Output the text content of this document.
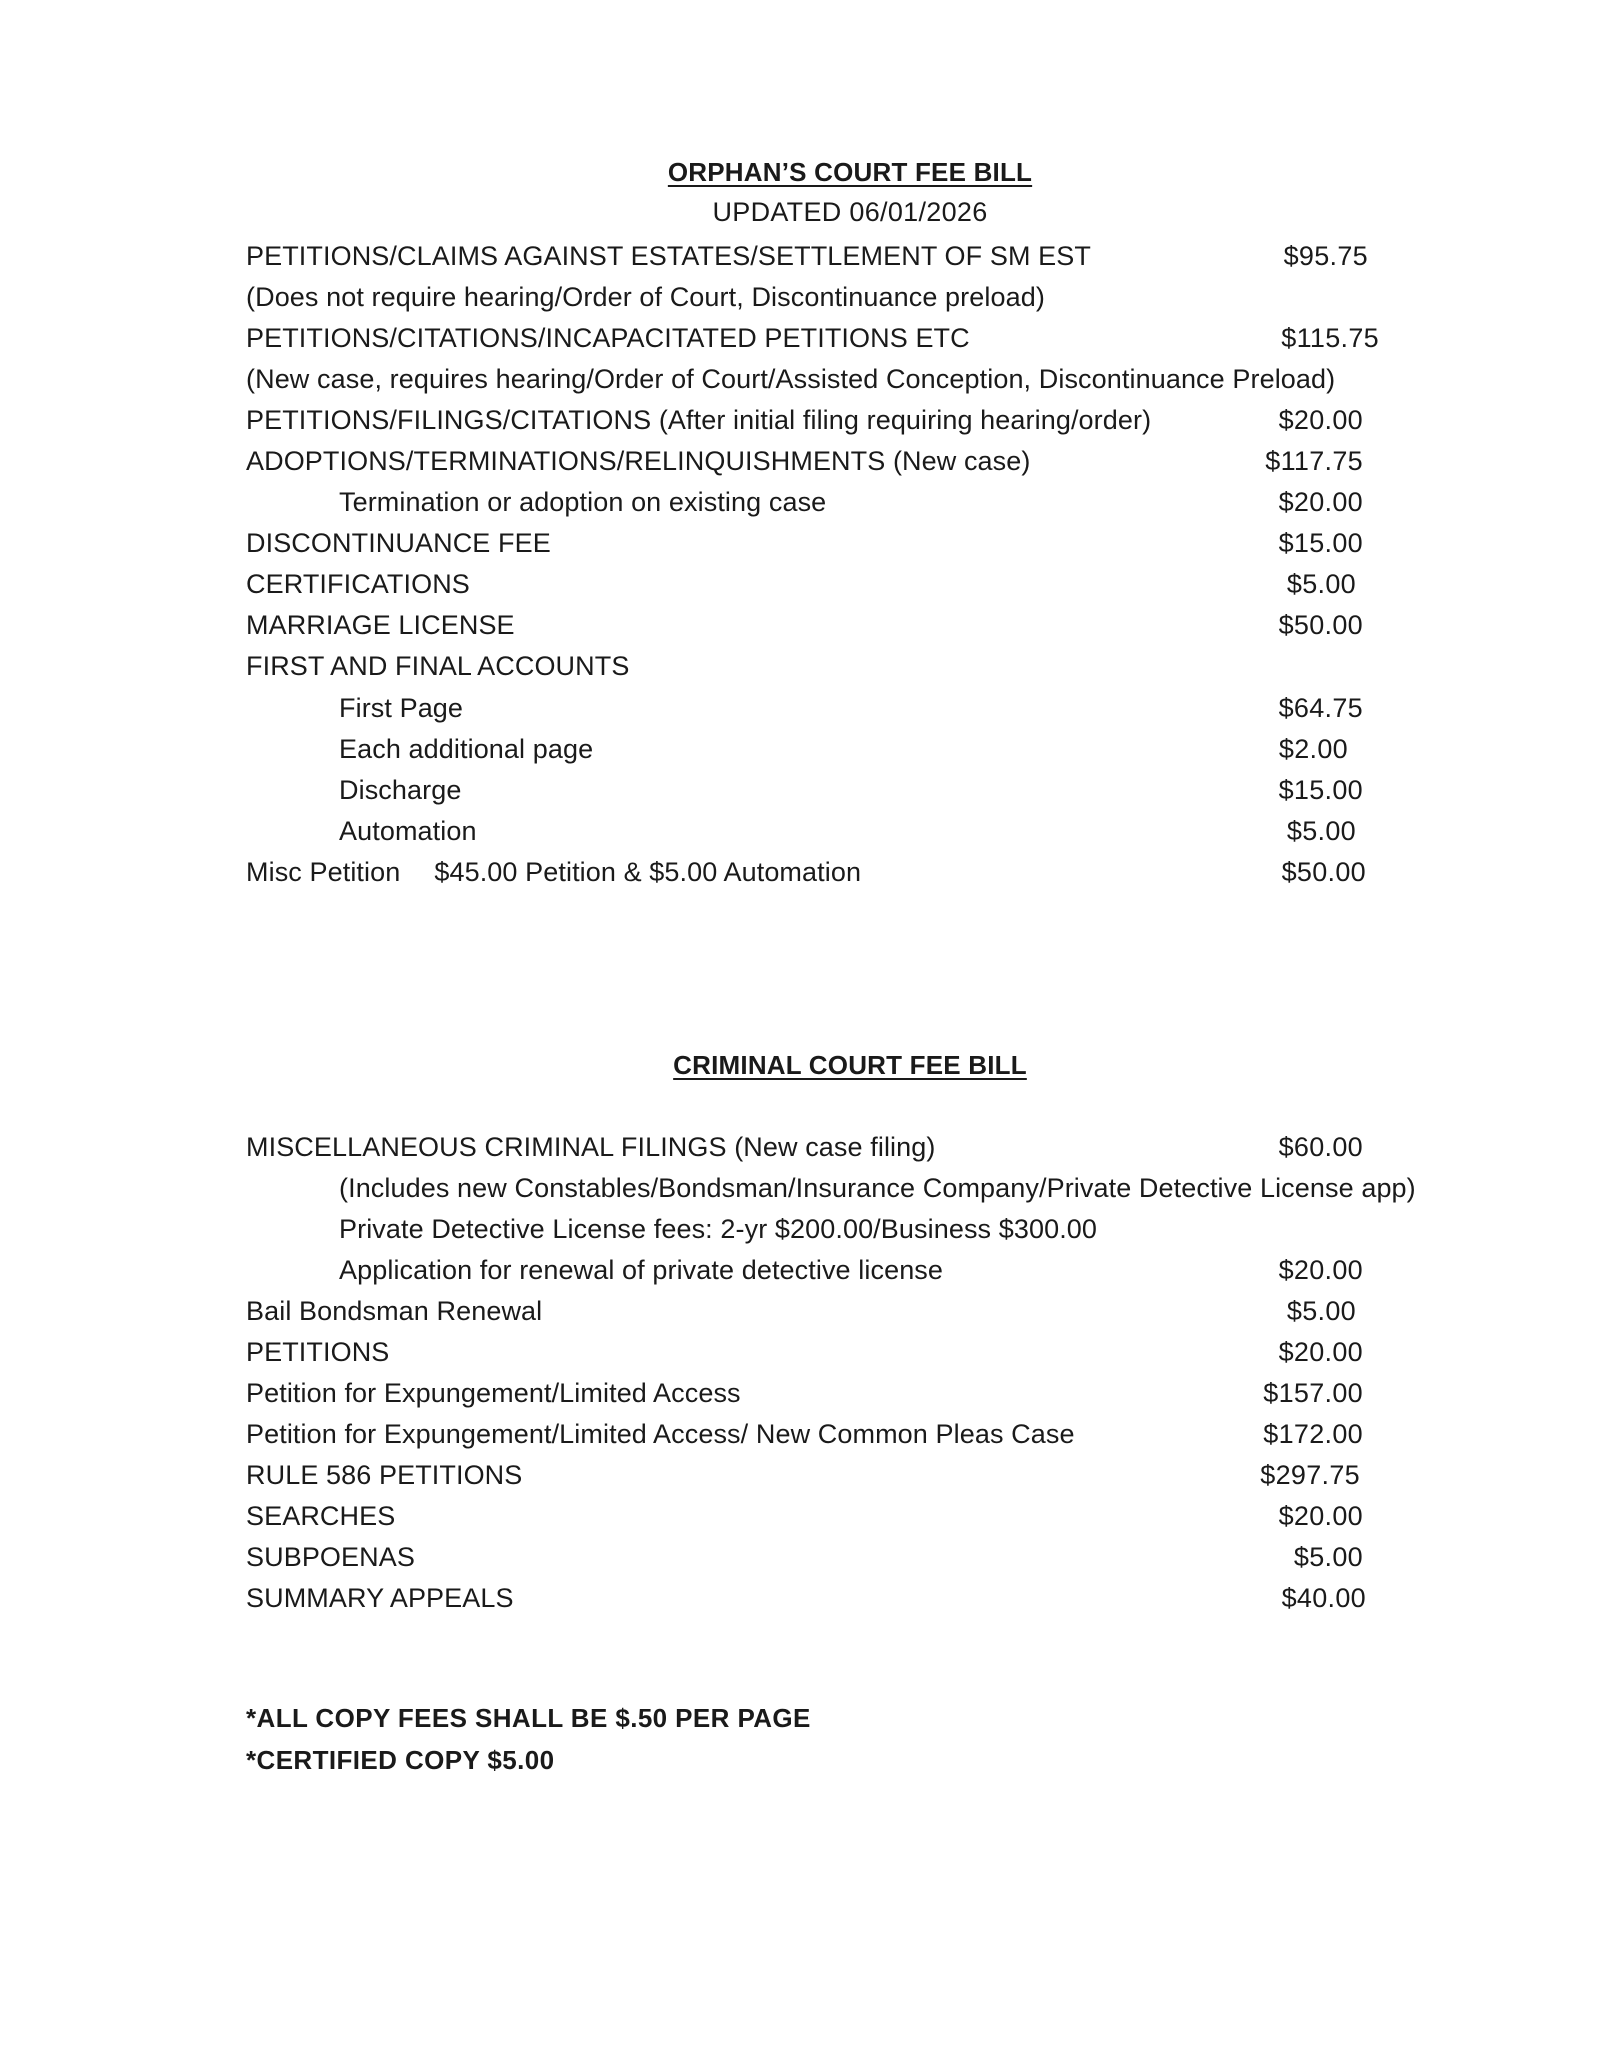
ORPHAN’S COURT FEE BILL
UPDATED 06/01/2026
PETITIONS/CLAIMS AGAINST ESTATES/SETTLEMENT OF SM EST	$95.75
(Does not require hearing/Order of Court, Discontinuance preload)
PETITIONS/CITATIONS/INCAPACITATED PETITIONS ETC	$115.75
(New case, requires hearing/Order of Court/Assisted Conception, Discontinuance Preload)
PETITIONS/FILINGS/CITATIONS (After initial filing requiring hearing/order)	$20.00
ADOPTIONS/TERMINATIONS/RELINQUISHMENTS (New case)	$117.75
Termination or adoption on existing case	$20.00
DISCONTINUANCE FEE	$15.00
CERTIFICATIONS	$5.00
MARRIAGE LICENSE	$50.00
FIRST AND FINAL ACCOUNTS
First Page	$64.75
Each additional page	$2.00
Discharge	$15.00
Automation	$5.00
Misc Petition $45.00 Petition & $5.00 Automation	$50.00
CRIMINAL COURT FEE BILL
MISCELLANEOUS CRIMINAL FILINGS (New case filing)	$60.00
(Includes new Constables/Bondsman/Insurance Company/Private Detective License app)
Private Detective License fees: 2-yr $200.00/Business $300.00
Application for renewal of private detective license	$20.00
Bail Bondsman Renewal	$5.00
PETITIONS	$20.00
Petition for Expungement/Limited Access	$157.00
Petition for Expungement/Limited Access/ New Common Pleas Case	$172.00
RULE 586 PETITIONS	$297.75
SEARCHES	$20.00
SUBPOENAS	$5.00
SUMMARY APPEALS	$40.00
*ALL COPY FEES SHALL BE $.50 PER PAGE
*CERTIFIED COPY $5.00
